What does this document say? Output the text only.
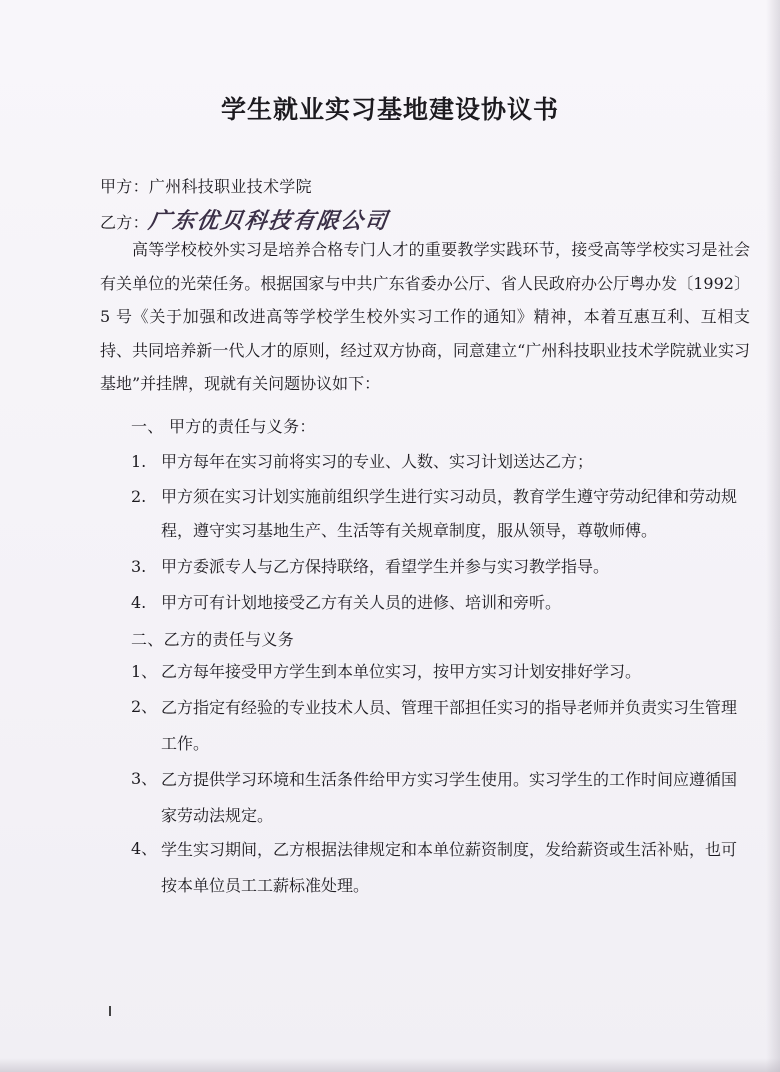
学生就业实习基地建设协议书
甲方：广州科技职业技术学院
乙方：广东优贝科技有限公司
高等学校校外实习是培养合格专门人才的重要教学实践环节，接受高等学校实习是社会有关单位的光荣任务。根据国家与中共广东省委办公厅、省人民政府办公厅粤办发〔1992〕5 号《关于加强和改进高等学校学生校外实习工作的通知》精神，本着互惠互利、互相支持、共同培养新一代人才的原则，经过双方协商，同意建立“广州科技职业技术学院就业实习基地”并挂牌，现就有关问题协议如下：
一、 甲方的责任与义务：
1. 甲方每年在实习前将实习的专业、人数、实习计划送达乙方；
2. 甲方须在实习计划实施前组织学生进行实习动员，教育学生遵守劳动纪律和劳动规程，遵守实习基地生产、生活等有关规章制度，服从领导，尊敬师傅。
3. 甲方委派专人与乙方保持联络，看望学生并参与实习教学指导。
4. 甲方可有计划地接受乙方有关人员的进修、培训和旁听。
二、乙方的责任与义务
1、 乙方每年接受甲方学生到本单位实习，按甲方实习计划安排好学习。
2、 乙方指定有经验的专业技术人员、管理干部担任实习的指导老师并负责实习生管理工作。
3、 乙方提供学习环境和生活条件给甲方实习学生使用。实习学生的工作时间应遵循国家劳动法规定。
4、 学生实习期间，乙方根据法律规定和本单位薪资制度，发给薪资或生活补贴，也可按本单位员工工薪标准处理。
